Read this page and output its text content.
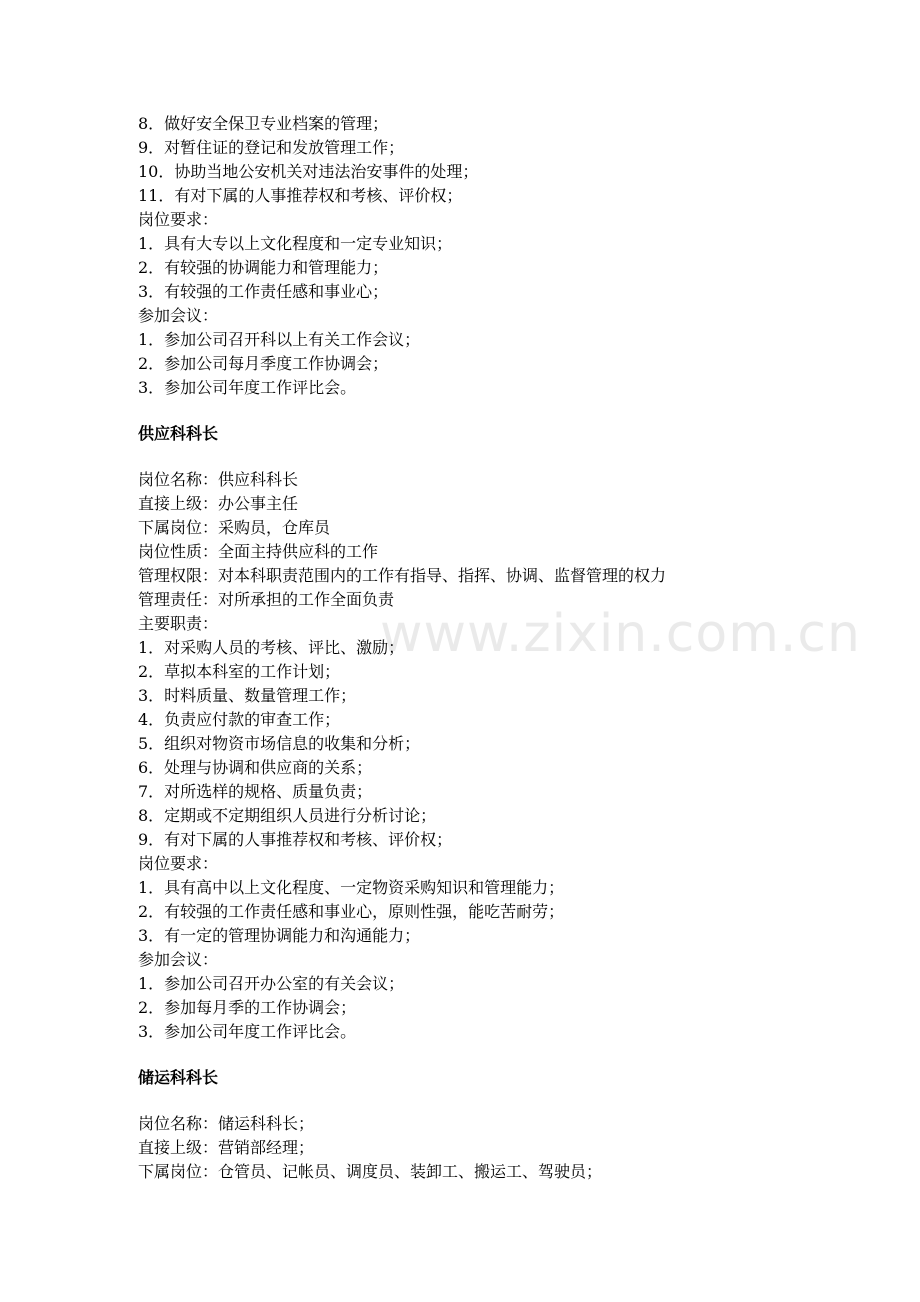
www.zixin.com.cn
8．做好安全保卫专业档案的管理；
9．对暂住证的登记和发放管理工作；
10．协助当地公安机关对违法治安事件的处理；
11．有对下属的人事推荐权和考核、评价权；
岗位要求：
1．具有大专以上文化程度和一定专业知识；
2．有较强的协调能力和管理能力；
3．有较强的工作责任感和事业心；
参加会议：
1．参加公司召开科以上有关工作会议；
2．参加公司每月季度工作协调会；
3．参加公司年度工作评比会。
供应科科长
岗位名称：供应科科长
直接上级：办公事主任
下属岗位：采购员，仓库员
岗位性质：全面主持供应科的工作
管理权限：对本科职责范围内的工作有指导、指挥、协调、监督管理的权力
管理责任：对所承担的工作全面负责
主要职责：
1．对采购人员的考核、评比、激励；
2．草拟本科室的工作计划；
3．时料质量、数量管理工作；
4．负责应付款的审查工作；
5．组织对物资市场信息的收集和分析；
6．处理与协调和供应商的关系；
7．对所选样的规格、质量负责；
8．定期或不定期组织人员进行分析讨论；
9．有对下属的人事推荐权和考核、评价权；
岗位要求：
1．具有高中以上文化程度、一定物资采购知识和管理能力；
2．有较强的工作责任感和事业心，原则性强，能吃苦耐劳；
3．有一定的管理协调能力和沟通能力；
参加会议：
1．参加公司召开办公室的有关会议；
2．参加每月季的工作协调会；
3．参加公司年度工作评比会。
储运科科长
岗位名称：储运科科长；
直接上级：营销部经理；
下属岗位：仓管员、记帐员、调度员、装卸工、搬运工、驾驶员；
